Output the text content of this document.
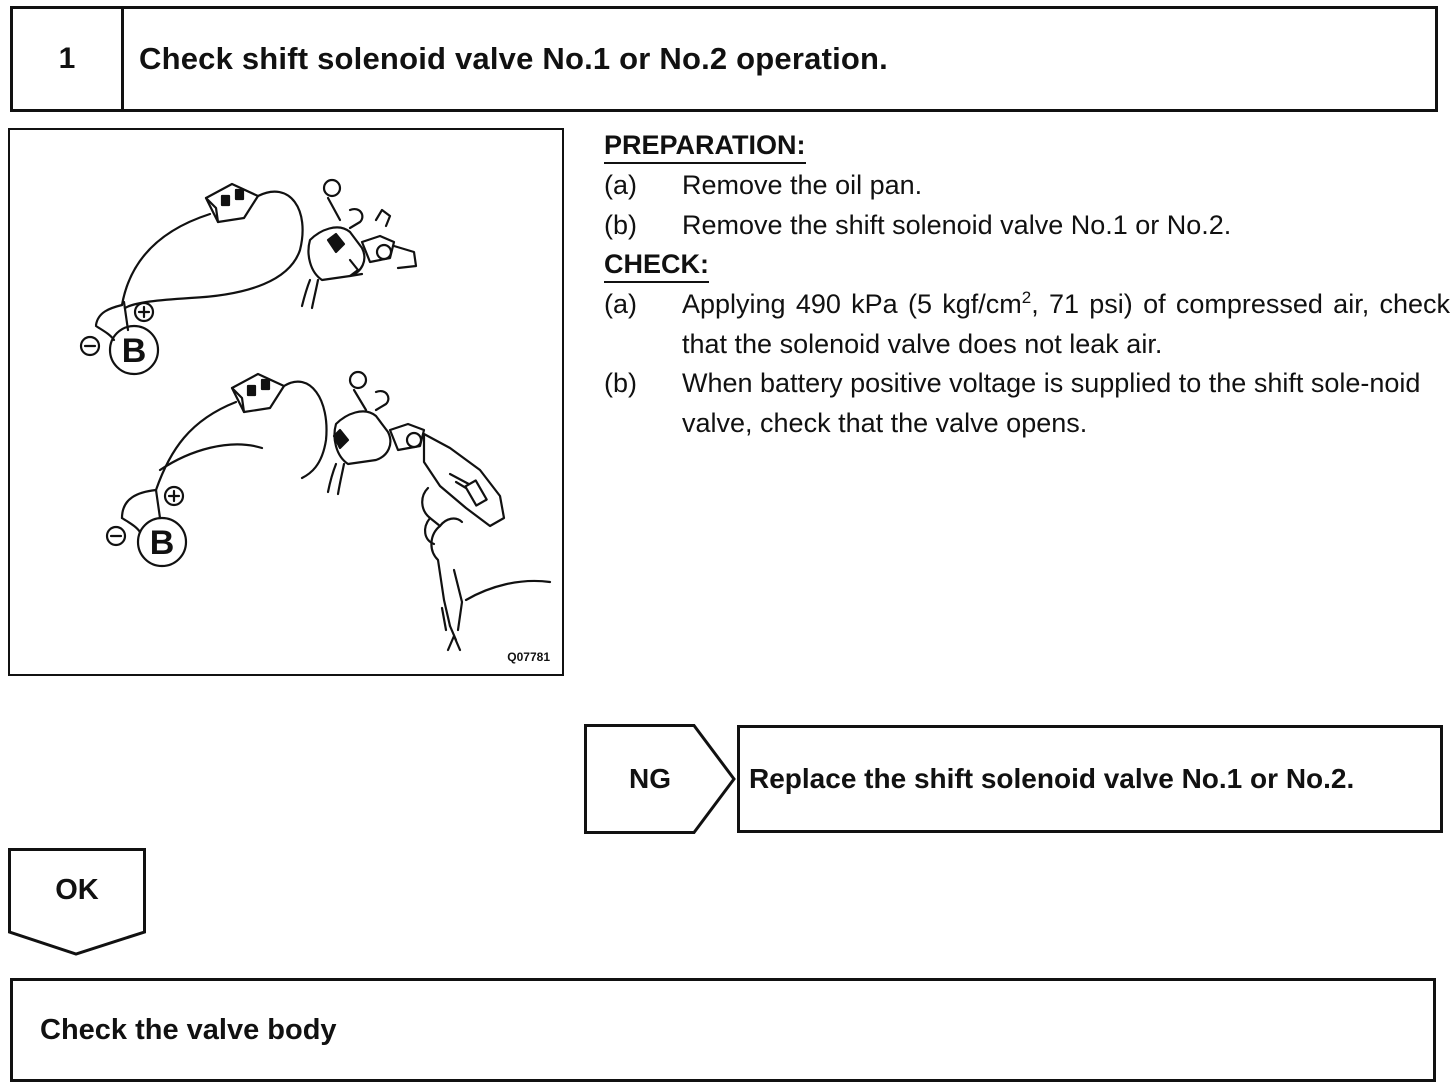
1	Check shift solenoid valve No.1 or No.2 operation.
B
B
Q07781
PREPARATION:
(a)	Remove the oil pan.
(b)	Remove the shift solenoid valve No.1 or No.2.
CHECK:
(a)	Applying 490 kPa (5 kgf/$cm^2$, 71 psi) of compressed air, check that the solenoid valve does not leak air.
(b)	When battery positive voltage is supplied to the shift sole-noid valve, check that the valve opens.
NG	Replace the shift solenoid valve No.1 or No.2.
OK
Check the valve body
